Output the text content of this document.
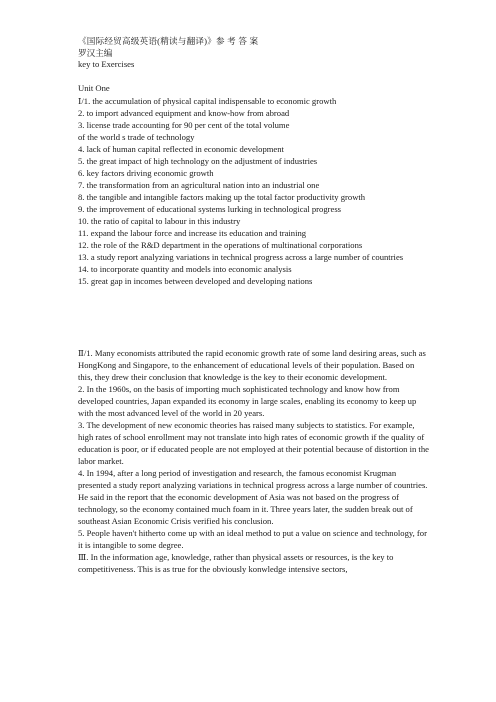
《国际经贸高级英语(精读与翻译)》参 考 答 案
罗汉主编
key to Exercises
Unit One
Ⅰ/1. the accumulation of physical capital indispensable to economic growth
2. to import advanced equipment and know-how from abroad
3. license trade accounting for 90 per cent of the total volume
of the world s trade of technology
4. lack of human capital reflected in economic development
5. the great impact of high technology on the adjustment of industries
6. key factors driving economic growth
7. the transformation from an agricultural nation into an industrial one
8. the tangible and intangible factors making up the total factor productivity growth
9. the improvement of educational systems lurking in technological progress
10. the ratio of capital to labour in this industry
11. expand the labour force and increase its education and training
12. the role of the R&D department in the operations of multinational corporations
13. a study report analyzing variations in technical progress across a large number of countries
14. to incorporate quantity and models into economic analysis
15. great gap in incomes between developed and developing nations

Ⅱ/1. Many economists attributed the rapid economic growth rate of some land desiring areas, such as HongKong and Singapore, to the enhancement of educational levels of their population. Based on this, they drew their conclusion that knowledge is the key to their economic development.

2. In the 1960s, on the basis of importing much sophisticated technology and know how from developed countries, Japan expanded its economy in large scales, enabling its economy to keep up with the most advanced level of the world in 20 years.

3. The development of new economic theories has raised many subjects to statistics. For example, high rates of school enrollment may not translate into high rates of economic growth if the quality of education is poor, or if educated people are not employed at their potential because of distortion in the labor market.

4. In 1994, after a long period of investigation and research, the famous economist Krugman presented a study report analyzing variations in technical progress across a large number of countries. He said in the report that the economic development of Asia was not based on the progress of technology, so the economy contained much foam in it. Three years later, the sudden break out of southeast Asian Economic Crisis verified his conclusion.

5. People haven't hitherto come up with an ideal method to put a value on science and technology, for it is intangible to some degree.

Ⅲ. In the information age, knowledge, rather than physical assets or resources, is the key to competitiveness. This is as true for the obviously konwledge intensive sectors,
